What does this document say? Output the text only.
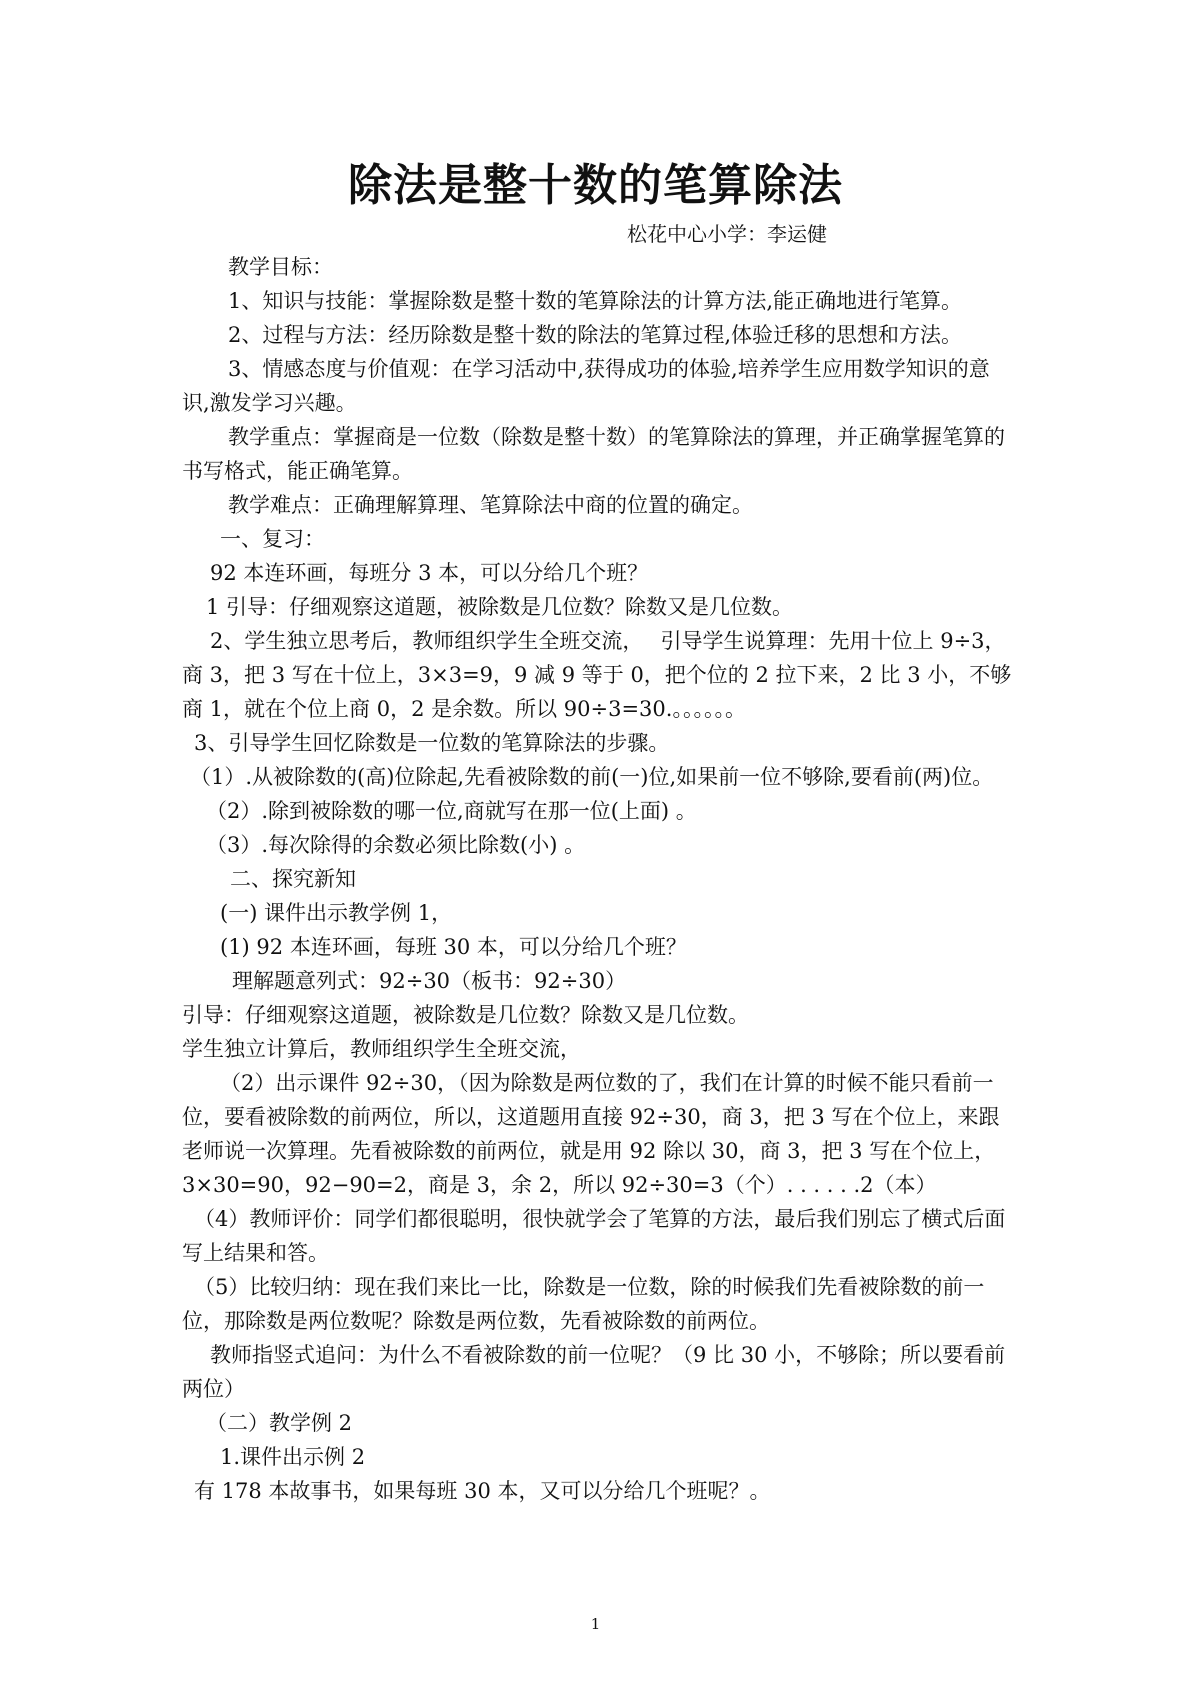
除法是整十数的笔算除法
松花中心小学：李运健

教学目标：

1、知识与技能：掌握除数是整十数的笔算除法的计算方法,能正确地进行笔算。

2、过程与方法：经历除数是整十数的除法的笔算过程,体验迁移的思想和方法。

3、情感态度与价值观：在学习活动中,获得成功的体验,培养学生应用数学知识的意识,激发学习兴趣。

教学重点：掌握商是一位数（除数是整十数）的笔算除法的算理，并正确掌握笔算的书写格式，能正确笔算。

教学难点：正确理解算理、笔算除法中商的位置的确定。

一、复习：

92 本连环画，每班分 3 本，可以分给几个班？

1 引导：仔细观察这道题，被除数是几位数？除数又是几位数。

2、学生独立思考后，教师组织学生全班交流，　 引导学生说算理：先用十位上 9÷3，商 3，把 3 写在十位上，3×3=9，9 减 9 等于 0，把个位的 2 拉下来，2 比 3 小，不够商 1，就在个位上商 0，2 是余数。所以 90÷3=30.。。。。。。

3、引导学生回忆除数是一位数的笔算除法的步骤。

（1）.从被除数的(高)位除起,先看被除数的前(一)位,如果前一位不够除,要看前(两)位。

（2）.除到被除数的哪一位,商就写在那一位(上面) 。

（3）.每次除得的余数必须比除数(小) 。

二、探究新知

(一) 课件出示教学例 1，

(1) 92 本连环画，每班 30 本，可以分给几个班？

理解题意列式：92÷30（板书：92÷30）

引导：仔细观察这道题，被除数是几位数？除数又是几位数。

学生独立计算后，教师组织学生全班交流，

（2）出示课件 92÷30，（因为除数是两位数的了，我们在计算的时候不能只看前一位，要看被除数的前两位，所以，这道题用直接 92÷30，商 3，把 3 写在个位上，来跟老师说一次算理。先看被除数的前两位，就是用 92 除以 30，商 3，把 3 写在个位上，3×30=90，92−90=2，商是 3，余 2，所以 92÷30=3（个）. . . . . .2（本）

（4）教师评价：同学们都很聪明，很快就学会了笔算的方法，最后我们别忘了横式后面写上结果和答。

（5）比较归纳：现在我们来比一比，除数是一位数，除的时候我们先看被除数的前一位，那除数是两位数呢？除数是两位数，先看被除数的前两位。

教师指竖式追问：为什么不看被除数的前一位呢？（9 比 30 小，不够除；所以要看前两位）

（二）教学例 2

1.课件出示例 2

有 178 本故事书，如果每班 30 本，又可以分给几个班呢？。

1
